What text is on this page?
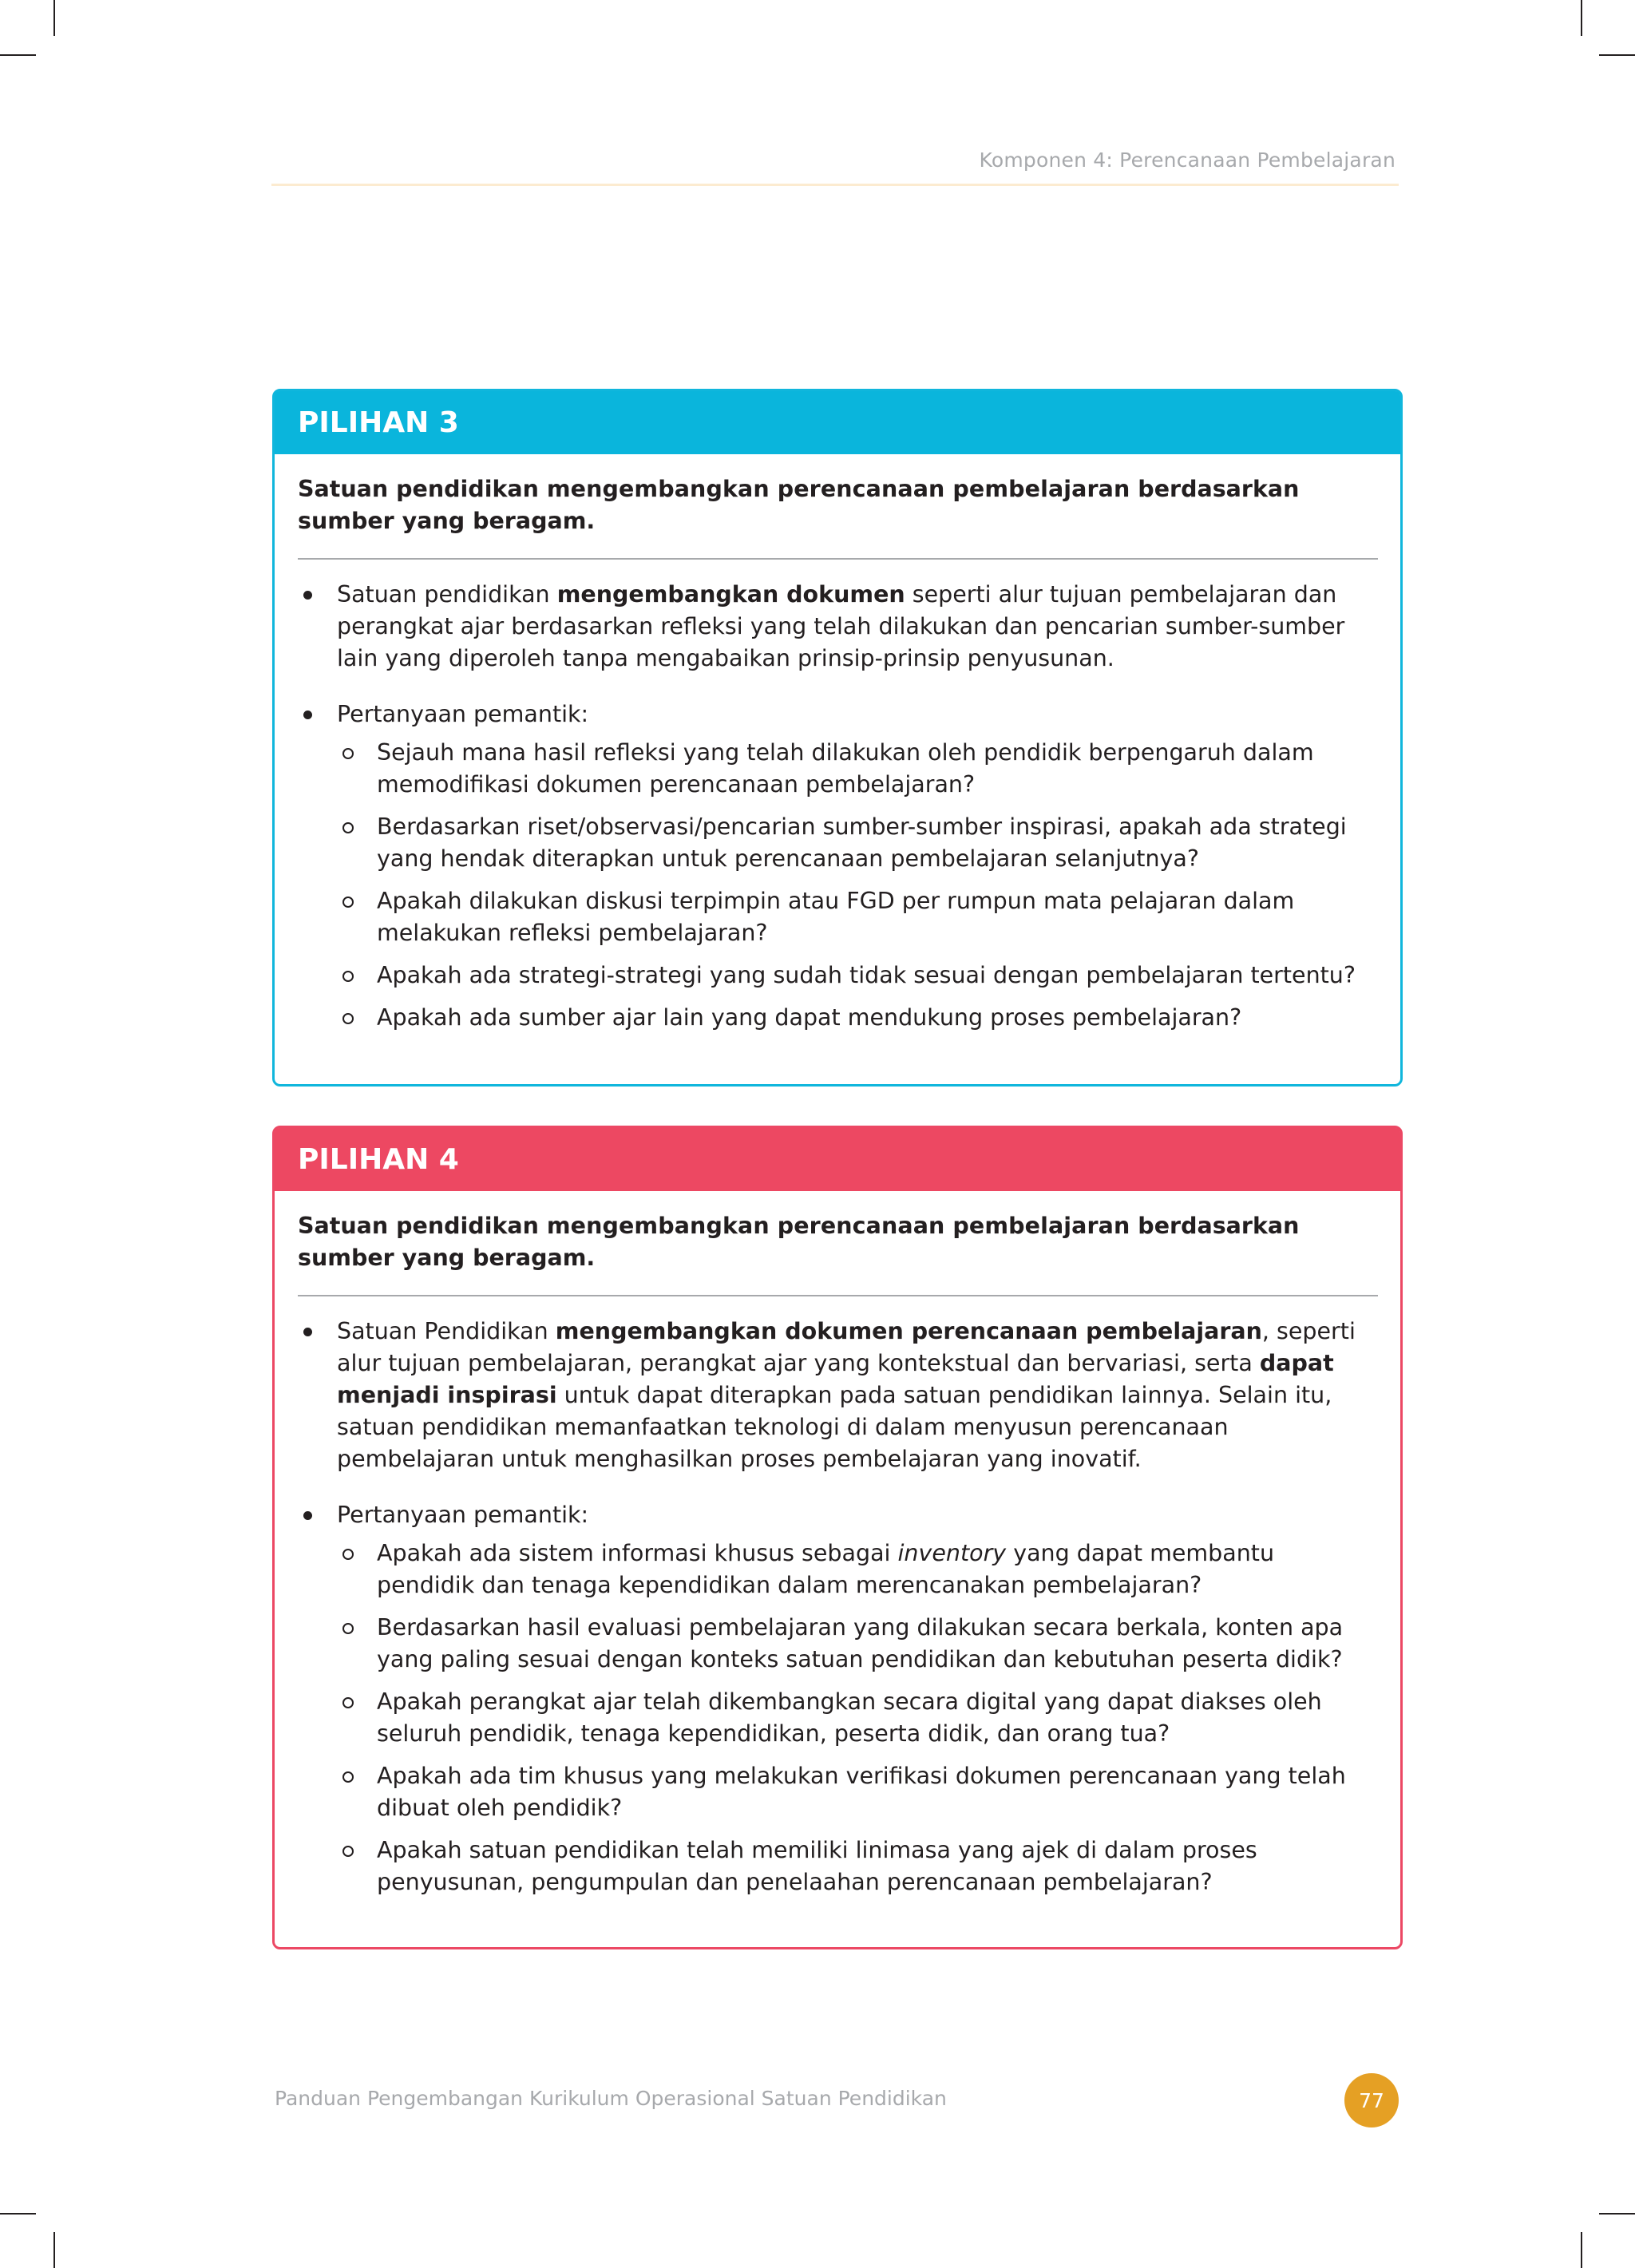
Komponen 4: Perencanaan Pembelajaran
PILIHAN 3

Satuan pendidikan mengembangkan perencanaan pembelajaran berdasarkan sumber yang beragam.

Satuan pendidikan mengembangkan dokumen seperti alur tujuan pembelajaran dan perangkat ajar berdasarkan refleksi yang telah dilakukan dan pencarian sumber-sumber lain yang diperoleh tanpa mengabaikan prinsip-prinsip penyusunan.
Pertanyaan pemantik:
Sejauh mana hasil refleksi yang telah dilakukan oleh pendidik berpengaruh dalam memodifikasi dokumen perencanaan pembelajaran?
Berdasarkan riset/observasi/pencarian sumber-sumber inspirasi, apakah ada strategi yang hendak diterapkan untuk perencanaan pembelajaran selanjutnya?
Apakah dilakukan diskusi terpimpin atau FGD per rumpun mata pelajaran dalam melakukan refleksi pembelajaran?
Apakah ada strategi-strategi yang sudah tidak sesuai dengan pembelajaran tertentu?
Apakah ada sumber ajar lain yang dapat mendukung proses pembelajaran?
PILIHAN 4

Satuan pendidikan mengembangkan perencanaan pembelajaran berdasarkan sumber yang beragam.

Satuan Pendidikan mengembangkan dokumen perencanaan pembelajaran, seperti alur tujuan pembelajaran, perangkat ajar yang kontekstual dan bervariasi, serta dapat menjadi inspirasi untuk dapat diterapkan pada satuan pendidikan lainnya. Selain itu, satuan pendidikan memanfaatkan teknologi di dalam menyusun perencanaan pembelajaran untuk menghasilkan proses pembelajaran yang inovatif.
Pertanyaan pemantik:
Apakah ada sistem informasi khusus sebagai inventory yang dapat membantu pendidik dan tenaga kependidikan dalam merencanakan pembelajaran?
Berdasarkan hasil evaluasi pembelajaran yang dilakukan secara berkala, konten apa yang paling sesuai dengan konteks satuan pendidikan dan kebutuhan peserta didik?
Apakah perangkat ajar telah dikembangkan secara digital yang dapat diakses oleh seluruh pendidik, tenaga kependidikan, peserta didik, dan orang tua?
Apakah ada tim khusus yang melakukan verifikasi dokumen perencanaan yang telah dibuat oleh pendidik?
Apakah satuan pendidikan telah memiliki linimasa yang ajek di dalam proses penyusunan, pengumpulan dan penelaahan perencanaan pembelajaran?
Panduan Pengembangan Kurikulum Operasional Satuan Pendidikan	77
